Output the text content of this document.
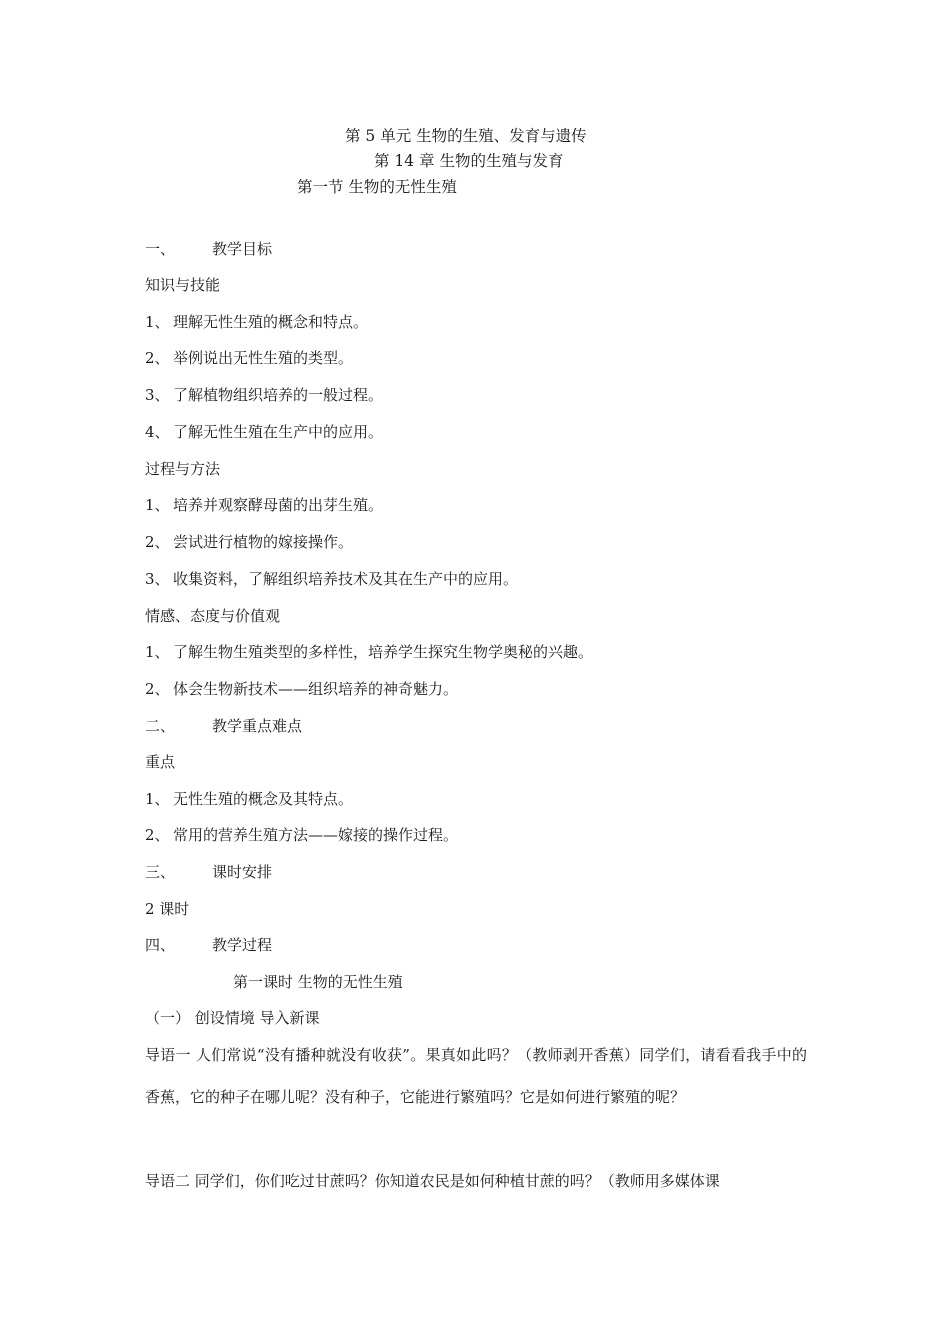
第 5 单元 生物的生殖、发育与遗传
第 14 章 生物的生殖与发育
第一节 生物的无性生殖
一、 教学目标
知识与技能
1、 理解无性生殖的概念和特点。
2、 举例说出无性生殖的类型。
3、 了解植物组织培养的一般过程。
4、 了解无性生殖在生产中的应用。
过程与方法
1、 培养并观察酵母菌的出芽生殖。
2、 尝试进行植物的嫁接操作。
3、 收集资料，了解组织培养技术及其在生产中的应用。
情感、态度与价值观
1、 了解生物生殖类型的多样性，培养学生探究生物学奥秘的兴趣。
2、 体会生物新技术——组织培养的神奇魅力。
二、 教学重点难点
重点
1、 无性生殖的概念及其特点。
2、 常用的营养生殖方法——嫁接的操作过程。
三、 课时安排
2 课时
四、 教学过程
第一课时 生物的无性生殖
（一） 创设情境 导入新课
导语一 人们常说“没有播种就没有收获”。果真如此吗？（教师剥开香蕉）同学们，请看看我手中的香蕉，它的种子在哪儿呢？没有种子，它能进行繁殖吗？它是如何进行繁殖的呢？
导语二 同学们，你们吃过甘蔗吗？你知道农民是如何种植甘蔗的吗？（教师用多媒体课
